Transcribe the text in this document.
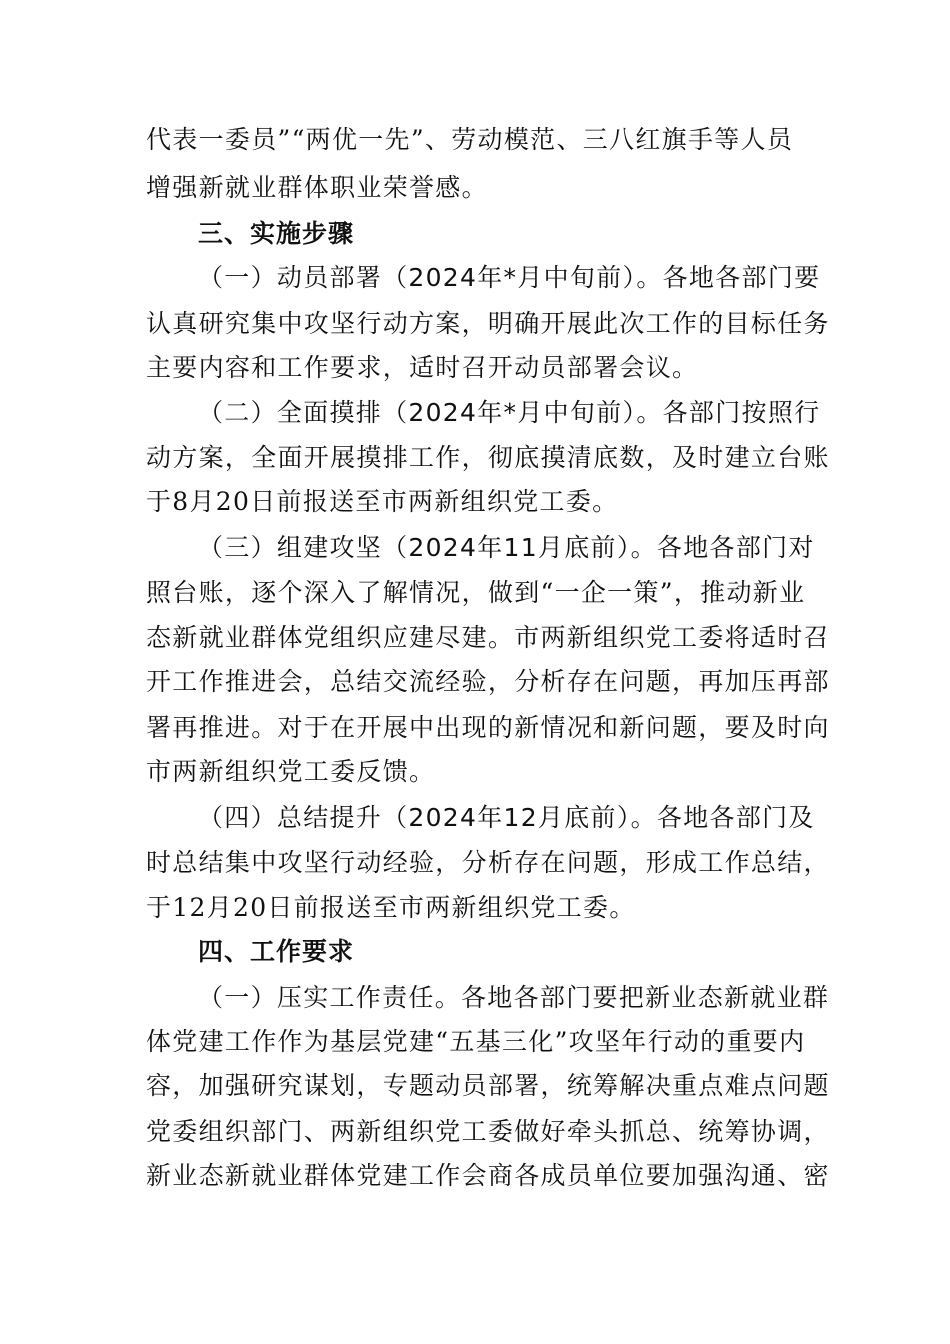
代表一委员”“两优一先”、劳动模范、三八红旗手等人员
增强新就业群体职业荣誉感。
三、实施步骤
（一）动员部署（2024年*月中旬前）。各地各部门要
认真研究集中攻坚行动方案，明确开展此次工作的目标任务
主要内容和工作要求，适时召开动员部署会议。
（二）全面摸排（2024年*月中旬前）。各部门按照行
动方案，全面开展摸排工作，彻底摸清底数，及时建立台账
于8月20日前报送至市两新组织党工委。
（三）组建攻坚（2024年11月底前）。各地各部门对
照台账，逐个深入了解情况，做到“一企一策”，推动新业
态新就业群体党组织应建尽建。市两新组织党工委将适时召
开工作推进会，总结交流经验，分析存在问题，再加压再部
署再推进。对于在开展中出现的新情况和新问题，要及时向
市两新组织党工委反馈。
（四）总结提升（2024年12月底前）。各地各部门及
时总结集中攻坚行动经验，分析存在问题，形成工作总结，
于12月20日前报送至市两新组织党工委。
四、工作要求
（一）压实工作责任。各地各部门要把新业态新就业群
体党建工作作为基层党建“五基三化”攻坚年行动的重要内
容，加强研究谋划，专题动员部署，统筹解决重点难点问题
党委组织部门、两新组织党工委做好牵头抓总、统筹协调，
新业态新就业群体党建工作会商各成员单位要加强沟通、密
